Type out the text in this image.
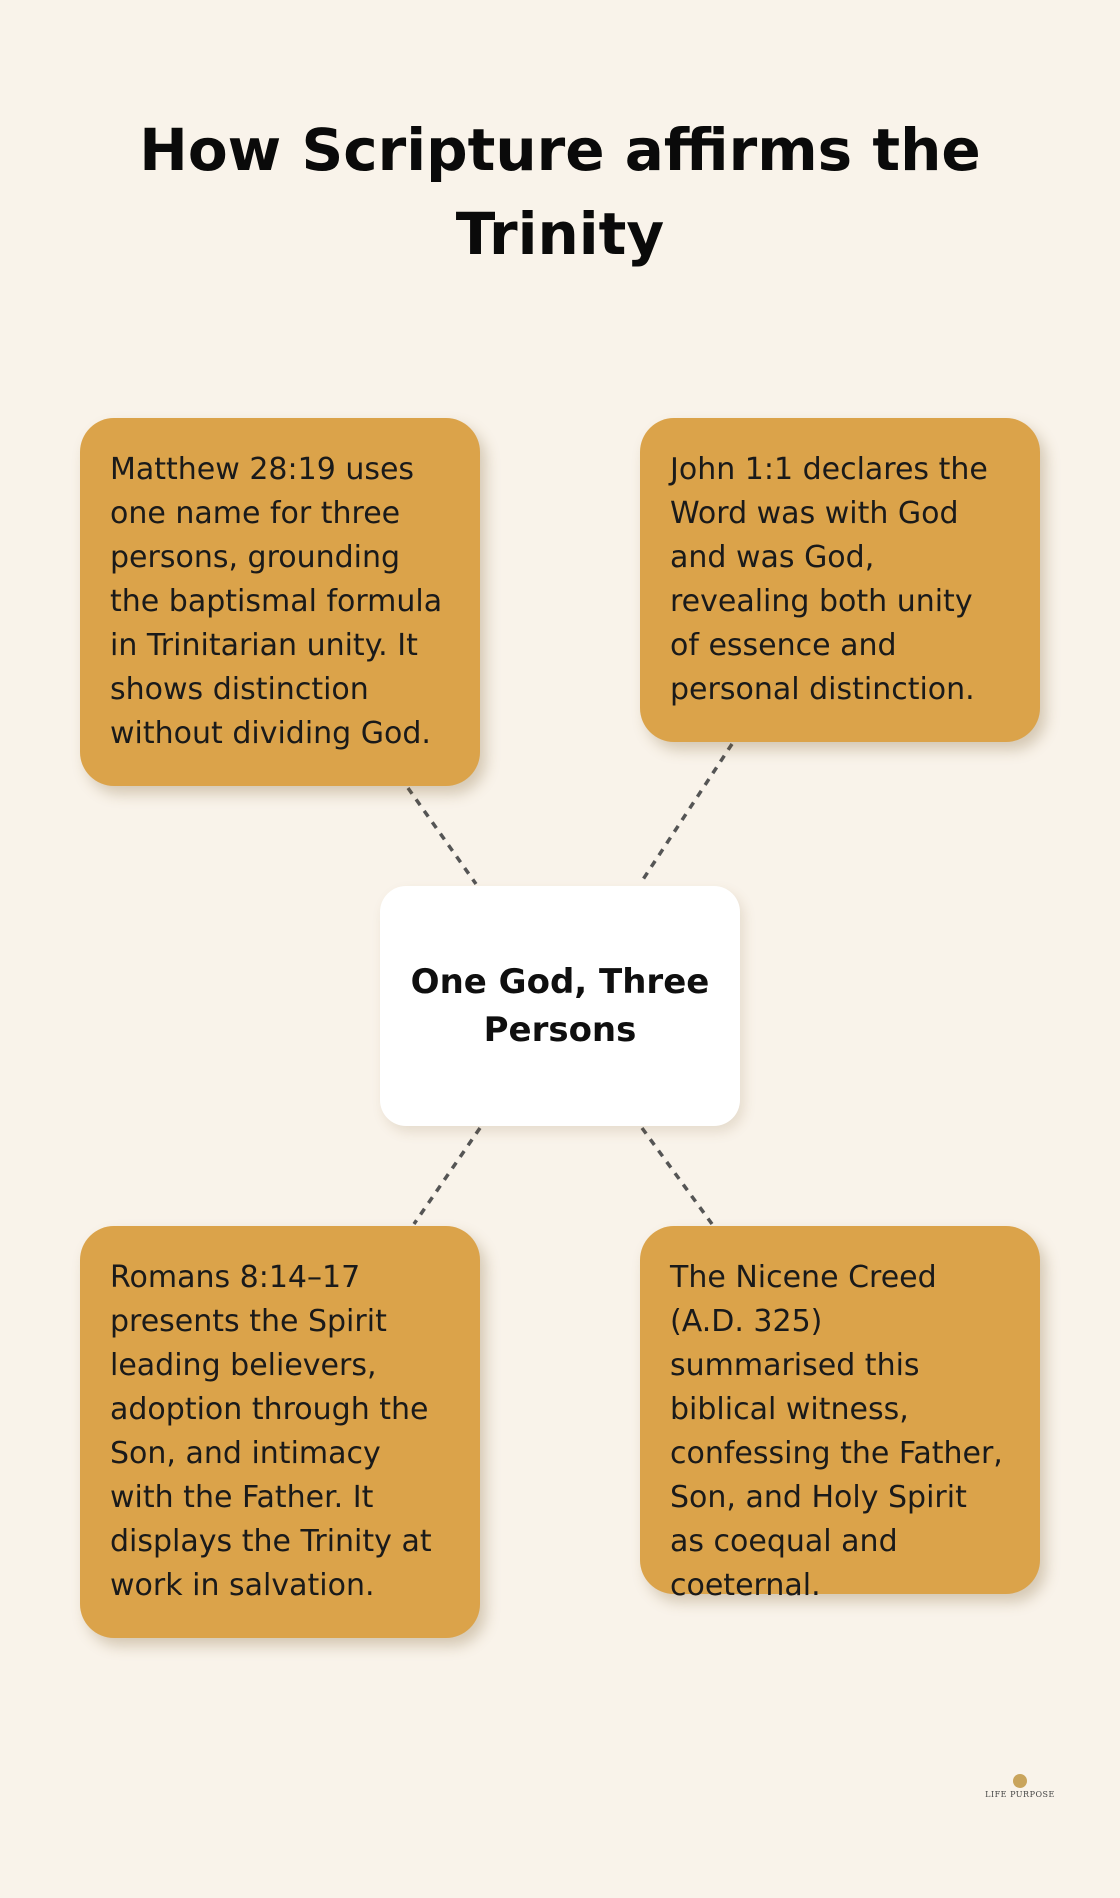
How Scripture affirms the Trinity

Matthew 28:19 uses one name for three persons, grounding the baptismal formula in Trinitarian unity. It shows distinction without dividing God.

John 1:1 declares the Word was with God and was God, revealing both unity of essence and personal distinction.

One God, Three Persons

Romans 8:14–17 presents the Spirit leading believers, adoption through the Son, and intimacy with the Father. It displays the Trinity at work in salvation.

The Nicene Creed (A.D. 325) summarised this biblical witness, confessing the Father, Son, and Holy Spirit as coequal and coeternal.

LIFE PURPOSE
